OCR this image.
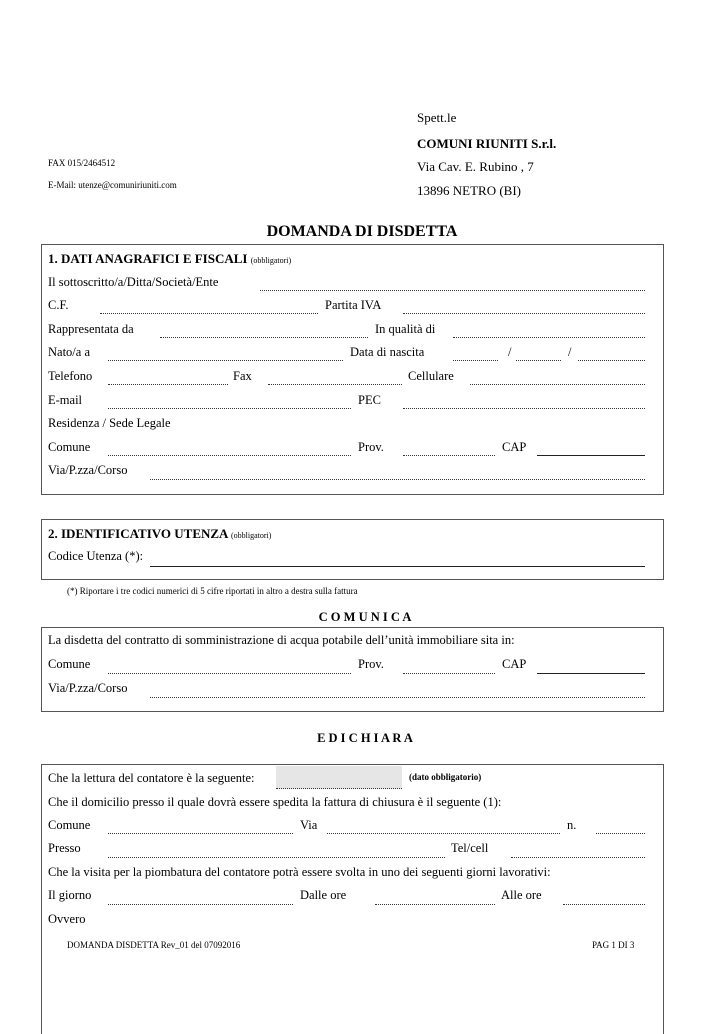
Spett.le
COMUNI RIUNITI S.r.l.
Via Cav. E. Rubino , 7
13896 NETRO (BI)
FAX 015/2464512
E-Mail: utenze@comuniriuniti.com
DOMANDA DI DISDETTA
1. DATI ANAGRAFICI E FISCALI (obbligatori)
Il sottoscritto/a/Ditta/Società/Ente
C.F.	Partita IVA
Rappresentata da	In qualità di
Nato/a a	Data di nascita	/	/
Telefono	Fax	Cellulare
E-mail	PEC
Residenza / Sede Legale
Comune	Prov.	CAP
Via/P.zza/Corso
2. IDENTIFICATIVO UTENZA (obbligatori)
Codice Utenza (*):
(*) Riportare i tre codici numerici di 5 cifre riportati in altro a destra sulla fattura
C O M U N I C A
La disdetta del contratto di somministrazione di acqua potabile dell’unità immobiliare sita in:
Comune	Prov.	CAP
Via/P.zza/Corso
E D I C H I A R A
Che la lettura del contatore è la seguente:	(dato obbligatorio)
Che il domicilio presso il quale dovrà essere spedita la fattura di chiusura è il seguente (1):
Comune	Via	n.
Presso	Tel/cell
Che la visita per la piombatura del contatore potrà essere svolta in uno dei seguenti giorni lavorativi:
Il giorno	Dalle ore	Alle ore
Ovvero
DOMANDA DISDETTA Rev_01 del 07092016	PAG 1 DI 3
